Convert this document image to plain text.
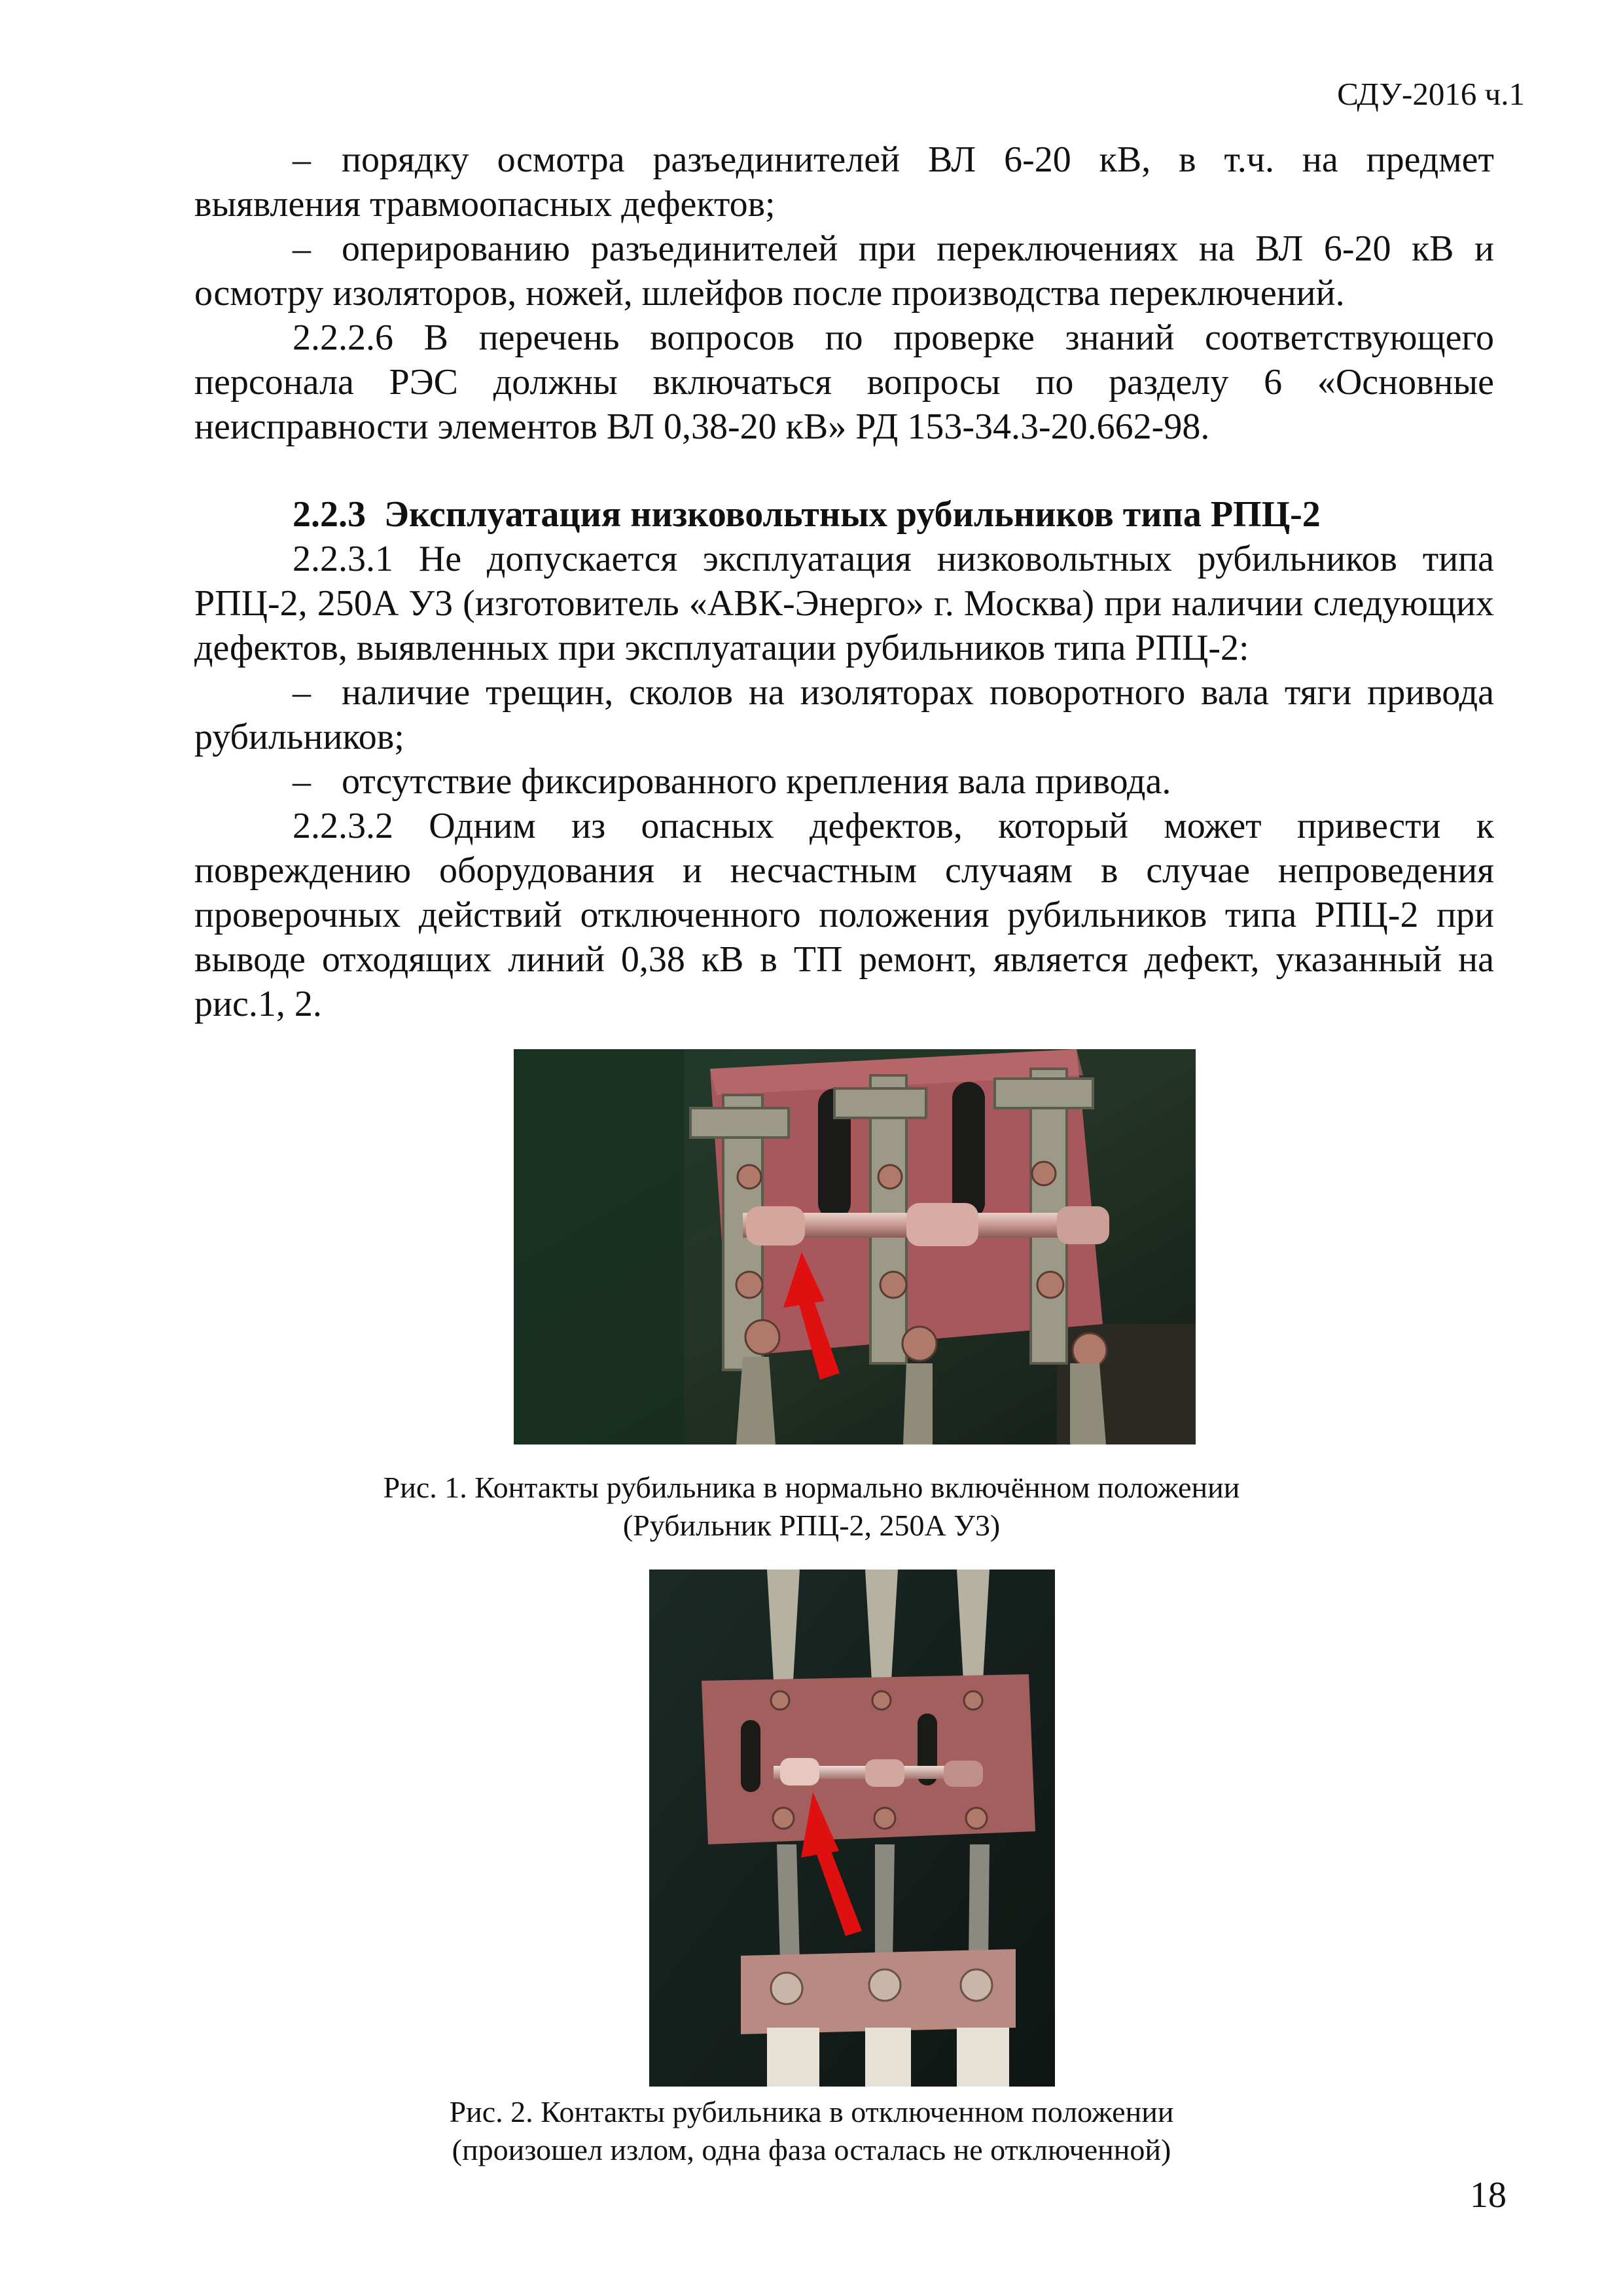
СДУ-2016 ч.1

– порядку осмотра разъединителей ВЛ 6-20 кВ, в т.ч. на предмет выявления травмоопасных дефектов;

– оперированию разъединителей при переключениях на ВЛ 6-20 кВ и осмотру изоляторов, ножей, шлейфов после производства переключений.

2.2.2.6 В перечень вопросов по проверке знаний соответствующего персонала РЭС должны включаться вопросы по разделу 6 «Основные неисправности элементов ВЛ 0,38-20 кВ» РД 153-34.3-20.662-98.

2.2.3 Эксплуатация низковольтных рубильников типа РПЦ-2

2.2.3.1 Не допускается эксплуатация низковольтных рубильников типа РПЦ-2, 250А У3 (изготовитель «АВК-Энерго» г. Москва) при наличии следующих дефектов, выявленных при эксплуатации рубильников типа РПЦ-2:

– наличие трещин, сколов на изоляторах поворотного вала тяги привода рубильников;

– отсутствие фиксированного крепления вала привода.

2.2.3.2 Одним из опасных дефектов, который может привести к повреждению оборудования и несчастным случаям в случае непроведения проверочных действий отключенного положения рубильников типа РПЦ-2 при выводе отходящих линий 0,38 кВ в ТП ремонт, является дефект, указанный на рис.1, 2.

Рис. 1. Контакты рубильника в нормально включённом положении
(Рубильник РПЦ-2, 250А У3)
Рис. 2. Контакты рубильника в отключенном положении
(произошел излом, одна фаза осталась не отключенной)
18
